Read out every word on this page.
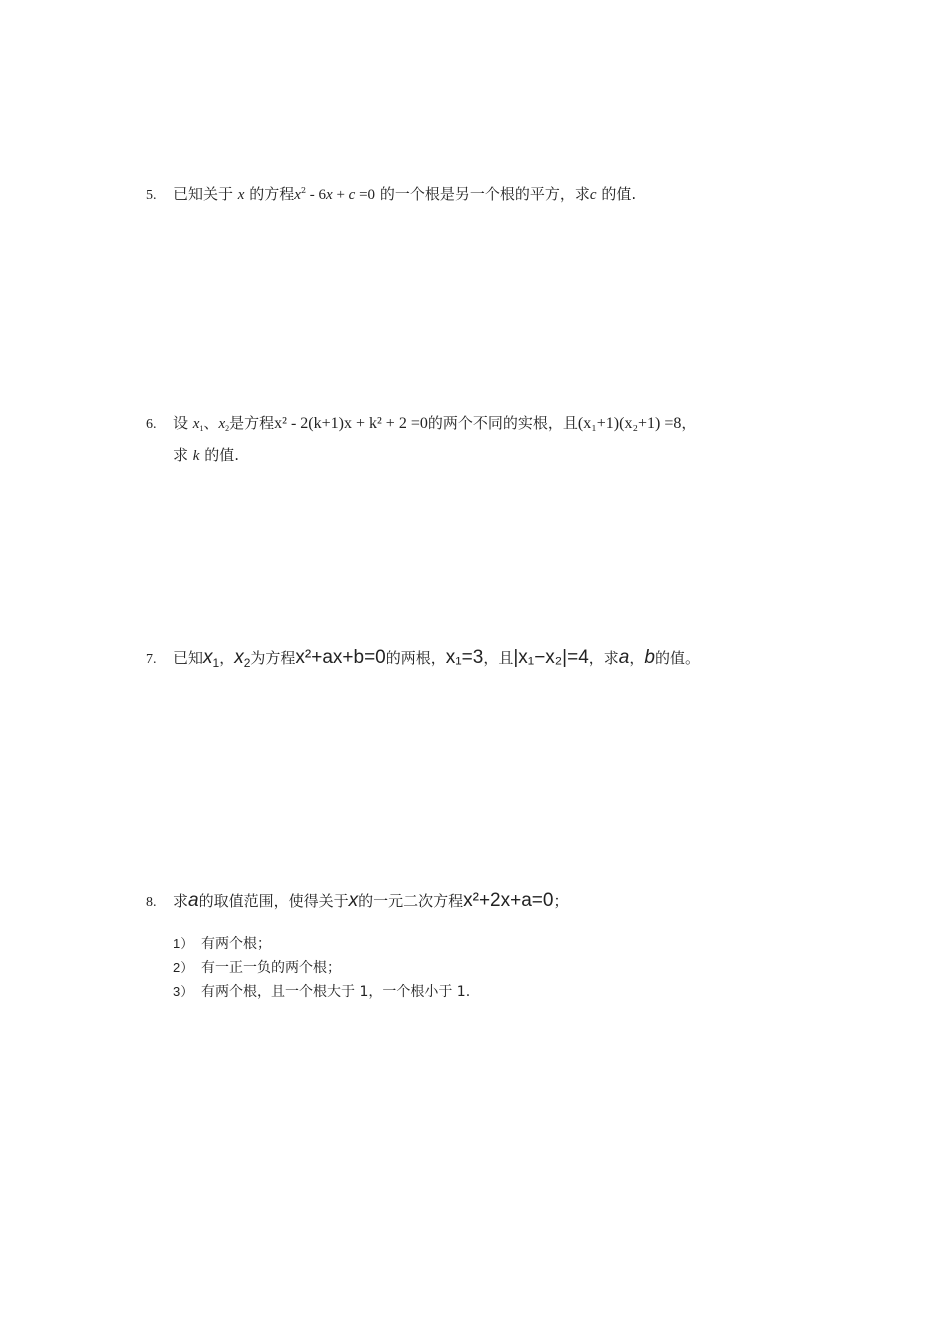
5. 已知关于 x 的方程$x^2 - 6x + c =0$ 的一个根是另一个根的平方，求c 的值.
6. 设 $x_1$、$x_2$是方程x² - 2(k+1)x + k² + 2 =0的两个不同的实根，且(x₁+1)(x₂+1) =8，
求 k 的值.
7. 已知$x_1$，$x_2$为方程x²+ax+b=0的两根，x₁=3，且|x₁−x₂|=4，求a，b的值。
8. 求a的取值范围，使得关于x的一元二次方程x²+2x+a=0；
1） 有两个根；
2） 有一正一负的两个根；
3） 有两个根，且一个根大于 1，一个根小于 1.
